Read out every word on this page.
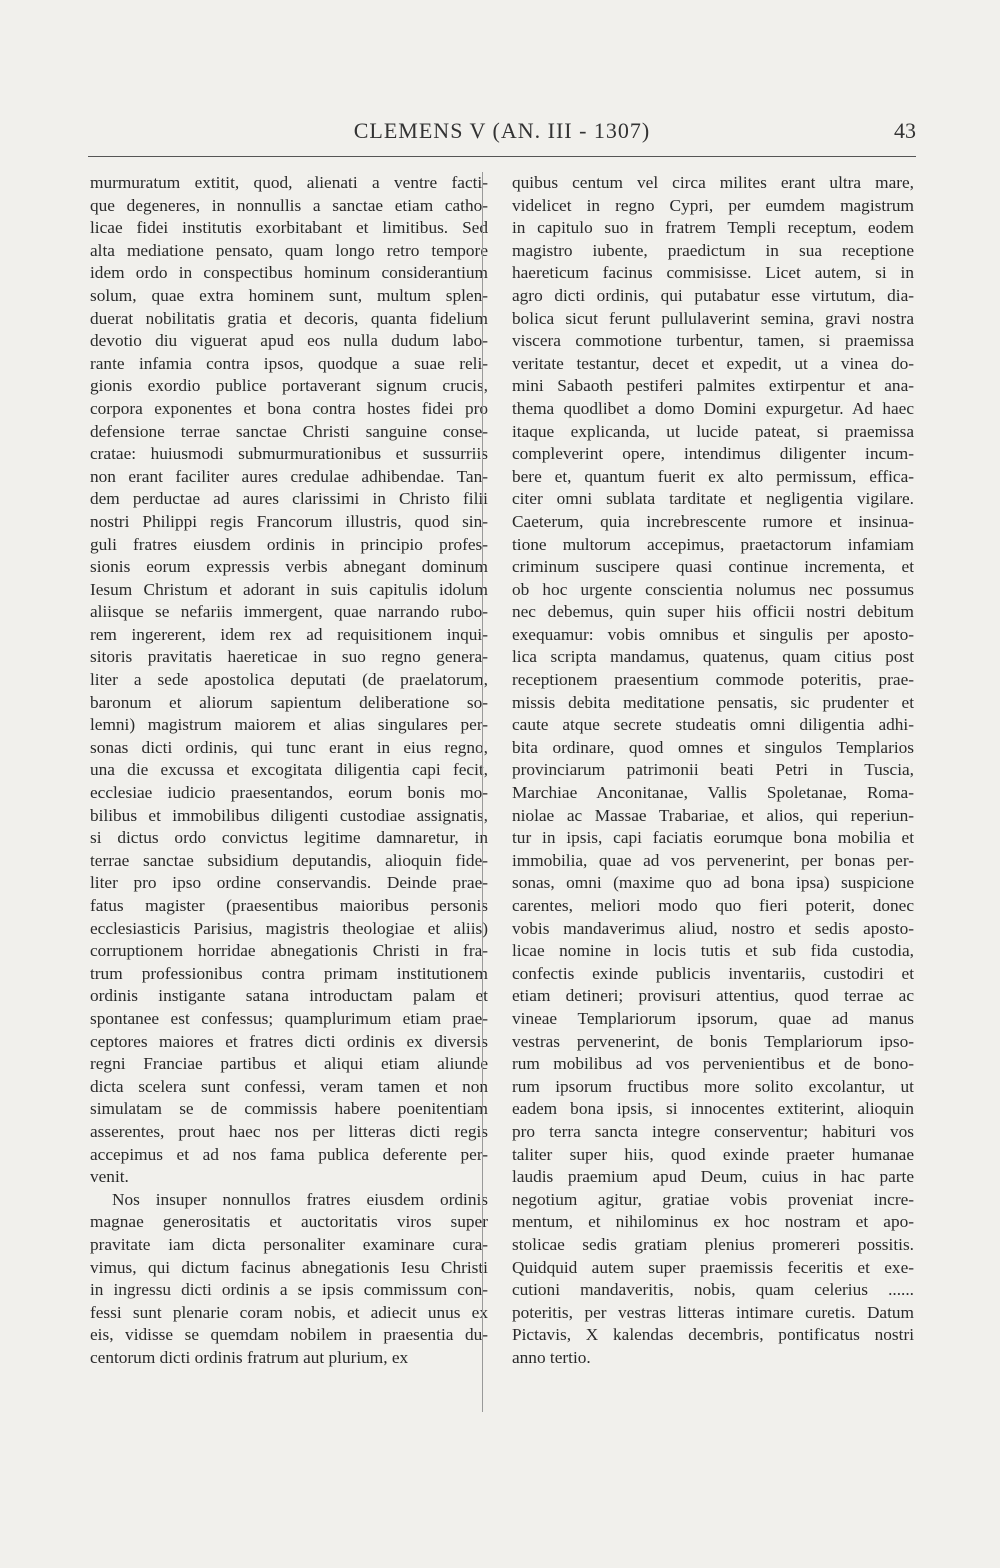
CLEMENS V (AN. III - 1307)	43
murmuratum extitit, quod, alienati a ventre facti-
que degeneres, in nonnullis a sanctae etiam catho-
licae fidei institutis exorbitabant et limitibus. Sed
alta mediatione pensato, quam longo retro tempore
idem ordo in conspectibus hominum considerantium
solum, quae extra hominem sunt, multum splen-
duerat nobilitatis gratia et decoris, quanta fidelium
devotio diu viguerat apud eos nulla dudum labo-
rante infamia contra ipsos, quodque a suae reli-
gionis exordio publice portaverant signum crucis,
corpora exponentes et bona contra hostes fidei pro
defensione terrae sanctae Christi sanguine conse-
cratae: huiusmodi submurmurationibus et sussurriis
non erant faciliter aures credulae adhibendae. Tan-
dem perductae ad aures clarissimi in Christo filii
nostri Philippi regis Francorum illustris, quod sin-
guli fratres eiusdem ordinis in principio profes-
sionis eorum expressis verbis abnegant dominum
Iesum Christum et adorant in suis capitulis idolum
aliisque se nefariis immergent, quae narrando rubo-
rem ingererent, idem rex ad requisitionem inqui-
sitoris pravitatis haereticae in suo regno genera-
liter a sede apostolica deputati (de praelatorum,
baronum et aliorum sapientum deliberatione so-
lemni) magistrum maiorem et alias singulares per-
sonas dicti ordinis, qui tunc erant in eius regno,
una die excussa et excogitata diligentia capi fecit,
ecclesiae iudicio praesentandos, eorum bonis mo-
bilibus et immobilibus diligenti custodiae assignatis,
si dictus ordo convictus legitime damnaretur, in
terrae sanctae subsidium deputandis, alioquin fide-
liter pro ipso ordine conservandis. Deinde prae-
fatus magister (praesentibus maioribus personis
ecclesiasticis Parisius, magistris theologiae et aliis)
corruptionem horridae abnegationis Christi in fra-
trum professionibus contra primam institutionem
ordinis instigante satana introductam palam et
spontanee est confessus; quamplurimum etiam prae-
ceptores maiores et fratres dicti ordinis ex diversis
regni Franciae partibus et aliqui etiam aliunde
dicta scelera sunt confessi, veram tamen et non
simulatam se de commissis habere poenitentiam
asserentes, prout haec nos per litteras dicti regis
accepimus et ad nos fama publica deferente per-
venit.
Nos insuper nonnullos fratres eiusdem ordinis
magnae generositatis et auctoritatis viros super
pravitate iam dicta personaliter examinare cura-
vimus, qui dictum facinus abnegationis Iesu Christi
in ingressu dicti ordinis a se ipsis commissum con-
fessi sunt plenarie coram nobis, et adiecit unus ex
eis, vidisse se quemdam nobilem in praesentia du-
centorum dicti ordinis fratrum aut plurium, ex
quibus centum vel circa milites erant ultra mare,
videlicet in regno Cypri, per eumdem magistrum
in capitulo suo in fratrem Templi receptum, eodem
magistro iubente, praedictum in sua receptione
haereticum facinus commisisse. Licet autem, si in
agro dicti ordinis, qui putabatur esse virtutum, dia-
bolica sicut ferunt pullulaverint semina, gravi nostra
viscera commotione turbentur, tamen, si praemissa
veritate testantur, decet et expedit, ut a vinea do-
mini Sabaoth pestiferi palmites extirpentur et ana-
thema quodlibet a domo Domini expurgetur. Ad haec
itaque explicanda, ut lucide pateat, si praemissa
compleverint opere, intendimus diligenter incum-
bere et, quantum fuerit ex alto permissum, effica-
citer omni sublata tarditate et negligentia vigilare.
Caeterum, quia increbrescente rumore et insinua-
tione multorum accepimus, praetactorum infamiam
criminum suscipere quasi continue incrementa, et
ob hoc urgente conscientia nolumus nec possumus
nec debemus, quin super hiis officii nostri debitum
exequamur: vobis omnibus et singulis per aposto-
lica scripta mandamus, quatenus, quam citius post
receptionem praesentium commode poteritis, prae-
missis debita meditatione pensatis, sic prudenter et
caute atque secrete studeatis omni diligentia adhi-
bita ordinare, quod omnes et singulos Templarios
provinciarum patrimonii beati Petri in Tuscia,
Marchiae Anconitanae, Vallis Spoletanae, Roma-
niolae ac Massae Trabariae, et alios, qui reperiun-
tur in ipsis, capi faciatis eorumque bona mobilia et
immobilia, quae ad vos pervenerint, per bonas per-
sonas, omni (maxime quo ad bona ipsa) suspicione
carentes, meliori modo quo fieri poterit, donec
vobis mandaverimus aliud, nostro et sedis aposto-
licae nomine in locis tutis et sub fida custodia,
confectis exinde publicis inventariis, custodiri et
etiam detineri; provisuri attentius, quod terrae ac
vineae Templariorum ipsorum, quae ad manus
vestras pervenerint, de bonis Templariorum ipso-
rum mobilibus ad vos pervenientibus et de bono-
rum ipsorum fructibus more solito excolantur, ut
eadem bona ipsis, si innocentes extiterint, alioquin
pro terra sancta integre conserventur; habituri vos
taliter super hiis, quod exinde praeter humanae
laudis praemium apud Deum, cuius in hac parte
negotium agitur, gratiae vobis proveniat incre-
mentum, et nihilominus ex hoc nostram et apo-
stolicae sedis gratiam plenius promereri possitis.
Quidquid autem super praemissis feceritis et exe-
cutioni mandaveritis, nobis, quam celerius ......
poteritis, per vestras litteras intimare curetis. Datum
Pictavis, X kalendas decembris, pontificatus nostri
anno tertio.
